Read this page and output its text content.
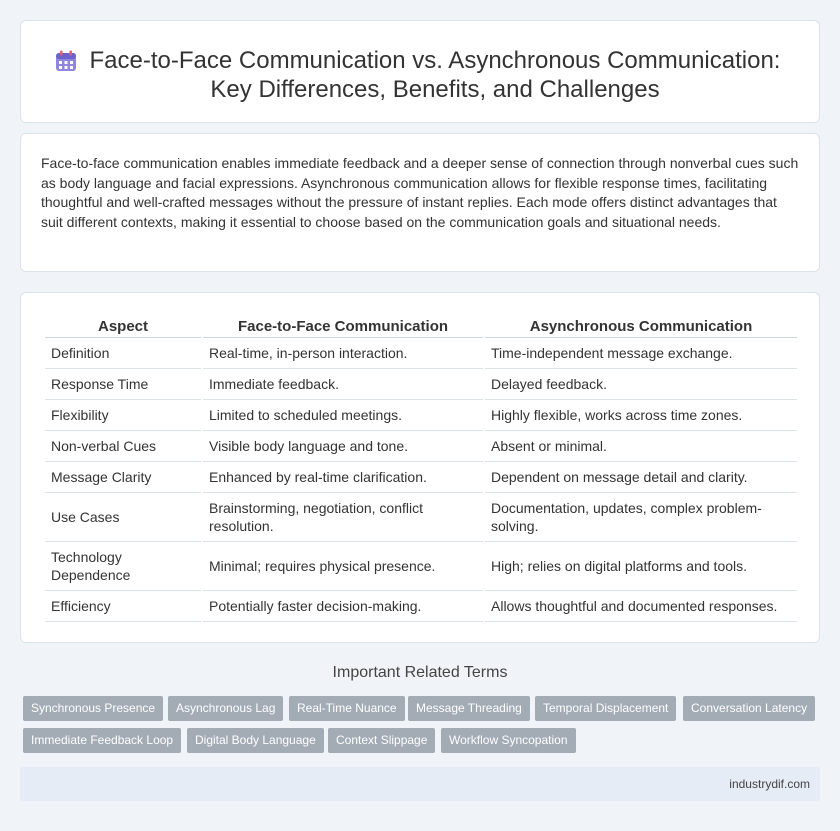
Face-to-Face Communication vs. Asynchronous Communication: Key Differences, Benefits, and Challenges

Face-to-face communication enables immediate feedback and a deeper sense of connection through nonverbal cues such as body language and facial expressions. Asynchronous communication allows for flexible response times, facilitating thoughtful and well-crafted messages without the pressure of instant replies. Each mode offers distinct advantages that suit different contexts, making it essential to choose based on the communication goals and situational needs.

Aspect	Face-to-Face Communication	Asynchronous Communication
Definition	Real-time, in-person interaction.	Time-independent message exchange.
Response Time	Immediate feedback.	Delayed feedback.
Flexibility	Limited to scheduled meetings.	Highly flexible, works across time zones.
Non-verbal Cues	Visible body language and tone.	Absent or minimal.
Message Clarity	Enhanced by real-time clarification.	Dependent on message detail and clarity.
Use Cases	Brainstorming, negotiation, conflict resolution.	Documentation, updates, complex problem-solving.
Technology Dependence	Minimal; requires physical presence.	High; relies on digital platforms and tools.
Efficiency	Potentially faster decision-making.	Allows thoughtful and documented responses.
Important Related Terms
Synchronous Presence	Asynchronous Lag	Real-Time Nuance	Message Threading	Temporal Displacement	Conversation Latency
Immediate Feedback Loop	Digital Body Language	Context Slippage	Workflow Syncopation
industrydif.com
